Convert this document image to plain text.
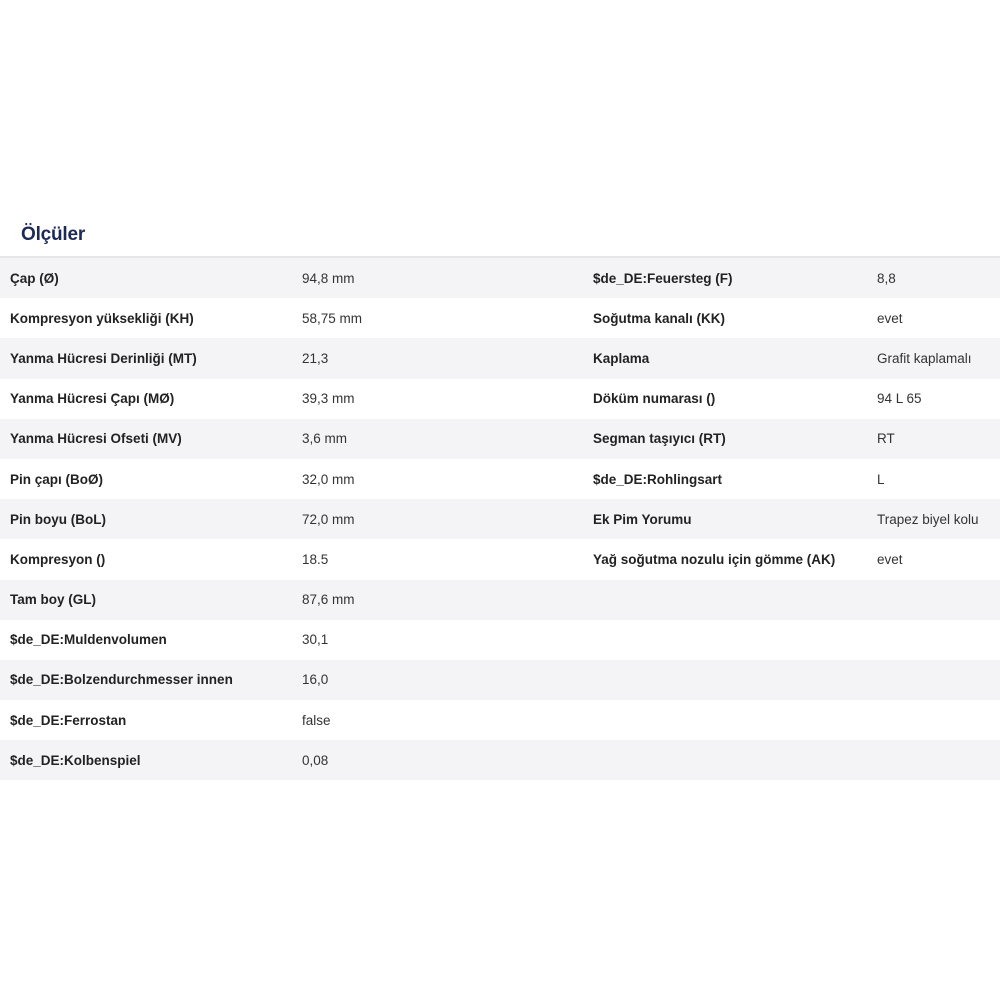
Ölçüler
Çap (Ø)	94,8 mm	$de_DE:Feuersteg (F)	8,8
Kompresyon yüksekliği (KH)	58,75 mm	Soğutma kanalı (KK)	evet
Yanma Hücresi Derinliği (MT)	21,3	Kaplama	Grafit kaplamalı
Yanma Hücresi Çapı (MØ)	39,3 mm	Döküm numarası ()	94 L 65
Yanma Hücresi Ofseti (MV)	3,6 mm	Segman taşıyıcı (RT)	RT
Pin çapı (BoØ)	32,0 mm	$de_DE:Rohlingsart	L
Pin boyu (BoL)	72,0 mm	Ek Pim Yorumu	Trapez biyel kolu
Kompresyon ()	18.5	Yağ soğutma nozulu için gömme (AK)	evet
Tam boy (GL)	87,6 mm
$de_DE:Muldenvolumen	30,1
$de_DE:Bolzendurchmesser innen	16,0
$de_DE:Ferrostan	false
$de_DE:Kolbenspiel	0,08
